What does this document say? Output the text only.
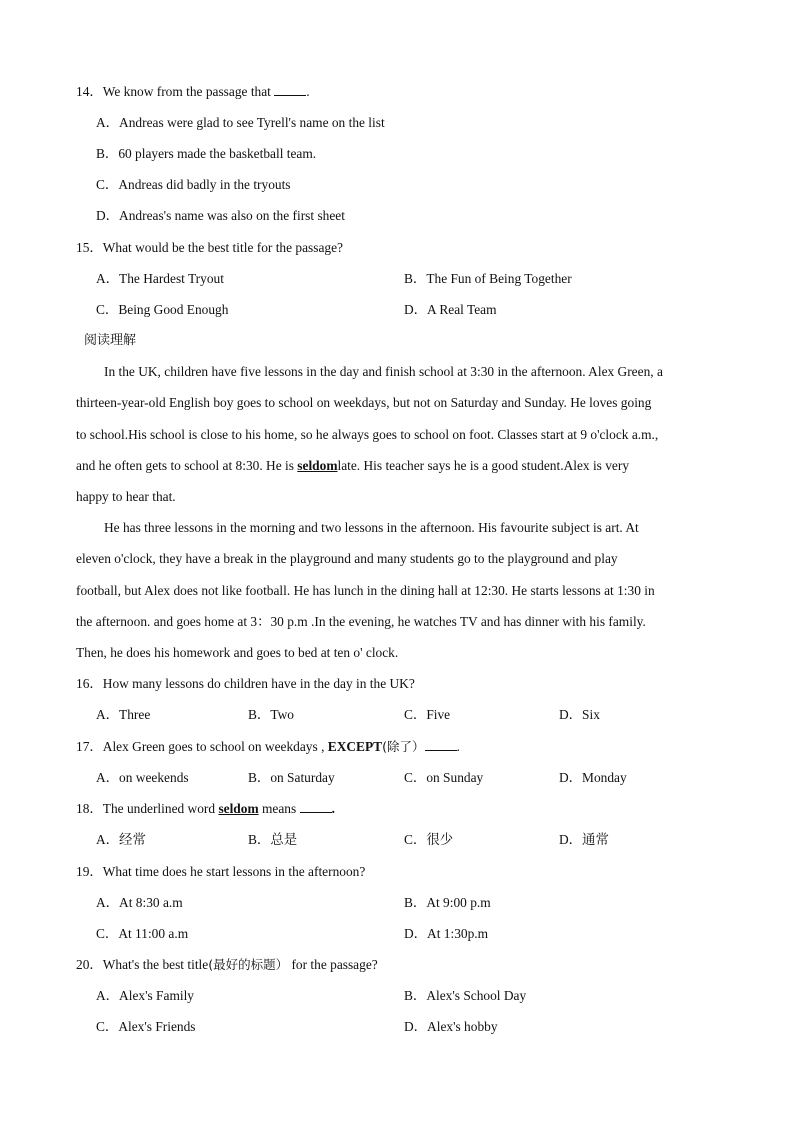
14．We know from the passage that	.
A．Andreas were glad to see Tyrell's name on the list
B．60 players made the basketball team.
C．Andreas did badly in the tryouts
D．Andreas's name was also on the first sheet
15．What would be the best title for the passage?
A．The Hardest Tryout	B．The Fun of Being Together
C．Being Good Enough	D．A Real Team
阅读理解
In the UK, children have five lessons in the day and finish school at 3:30 in the afternoon. Alex Green, a
thirteen-year-old English boy goes to school on weekdays, but not on Saturday and Sunday. He loves going
to school.His school is close to his home, so he always goes to school on foot. Classes start at 9 o'clock a.m.,
and he often gets to school at 8:30. He is seldomlate. His teacher says he is a good student.Alex is very
happy to hear that.
He has three lessons in the morning and two lessons in the afternoon. His favourite subject is art. At
eleven o'clock, they have a break in the playground and many students go to the playground and play
football, but Alex does not like football. He has lunch in the dining hall at 12:30. He starts lessons at 1:30 in
the afternoon. and goes home at 3：30 p.m .In the evening, he watches TV and has dinner with his family.
Then, he does his homework and goes to bed at ten o' clock.
16．How many lessons do children have in the day in the UK?
A．Three	B．Two	C．Five	D．Six
17．Alex Green goes to school on weekdays , EXCEPT(除了） .
A．on weekends	B．on Saturday	C．on Sunday	D．Monday
18．The underlined word seldom means	.
A．经常	B．总是	C．很少	D．通常
19．What time does he start lessons in the afternoon?
A．At 8:30 a.m	B．At 9:00 p.m
C．At 11:00 a.m	D．At 1:30p.m
20．What's the best title(最好的标题） for the passage?
A．Alex's Family	B．Alex's School Day
C．Alex's Friends	D．Alex's hobby
